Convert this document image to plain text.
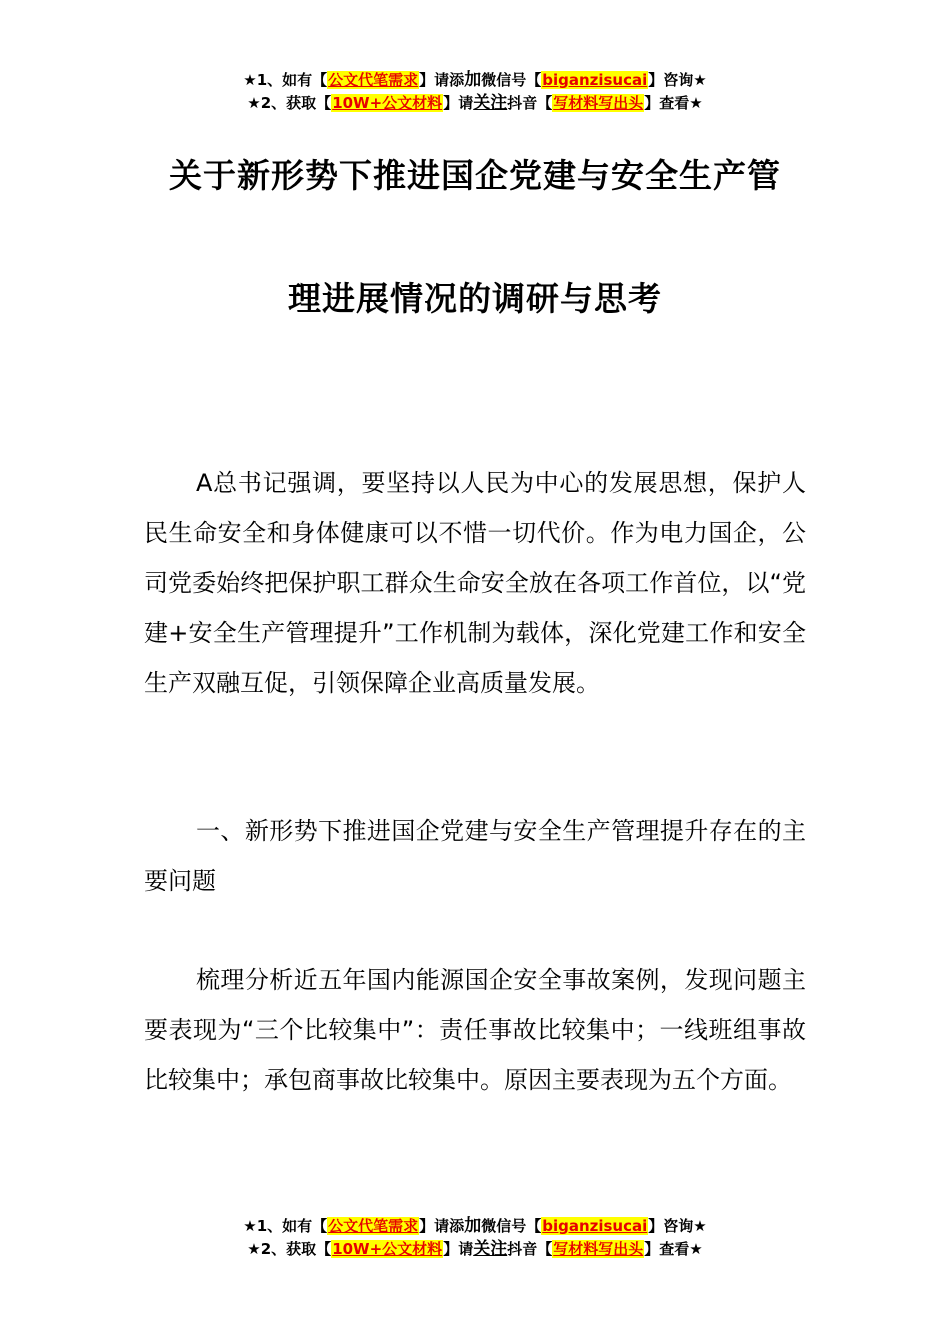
★1、如有【公文代笔需求】请添加微信号【biganzisucai】咨询★
★2、获取【10W+公文材料】请关注抖音【写材料写出头】查看★
关于新形势下推进国企党建与安全生产管
理进展情况的调研与思考

A总书记强调，要坚持以人民为中心的发展思想，保护人民生命安全和身体健康可以不惜一切代价。作为电力国企，公司党委始终把保护职工群众生命安全放在各项工作首位，以“党建+安全生产管理提升”工作机制为载体，深化党建工作和安全生产双融互促，引领保障企业高质量发展。

一、新形势下推进国企党建与安全生产管理提升存在的主要问题

梳理分析近五年国内能源国企安全事故案例，发现问题主要表现为“三个比较集中”：责任事故比较集中；一线班组事故比较集中；承包商事故比较集中。原因主要表现为五个方面。

★1、如有【公文代笔需求】请添加微信号【biganzisucai】咨询★
★2、获取【10W+公文材料】请关注抖音【写材料写出头】查看★
